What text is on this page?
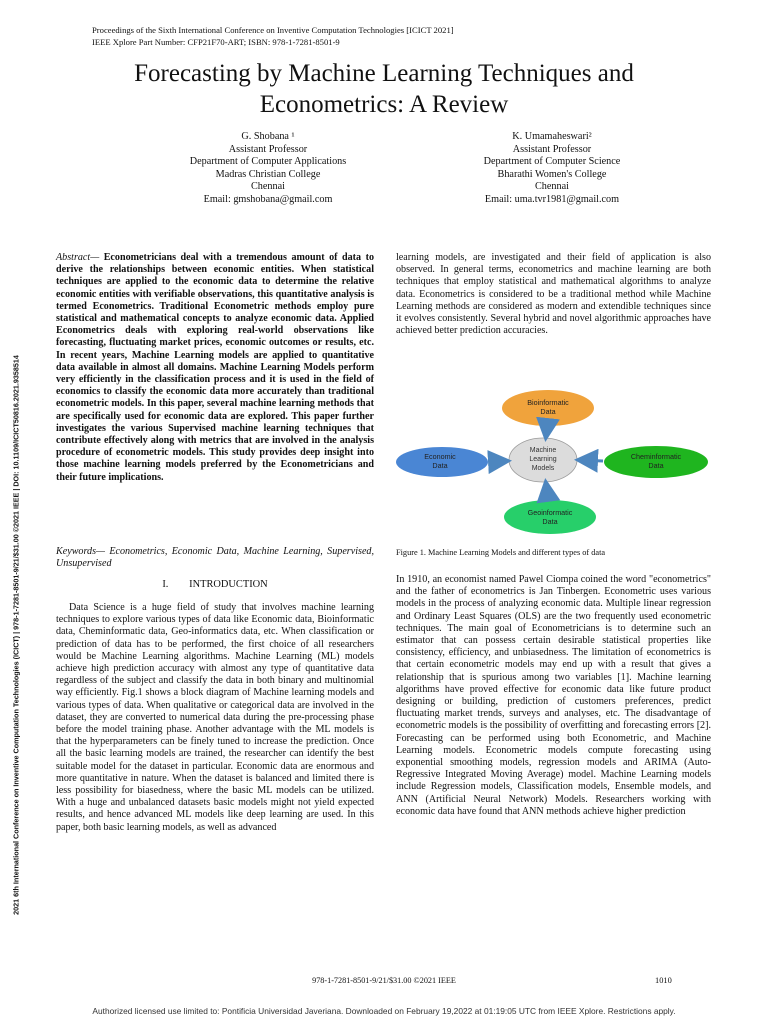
Proceedings of the Sixth International Conference on Inventive Computation Technologies [ICICT 2021]
IEEE Xplore Part Number: CFP21F70-ART; ISBN: 978-1-7281-8501-9
Forecasting by Machine Learning Techniques and
Econometrics: A Review
G. Shobana ¹
Assistant Professor
Department of Computer Applications
Madras Christian College
Chennai
Email: gmshobana@gmail.com
K. Umamaheswari²
Assistant Professor
Department of Computer Science
Bharathi Women's College
Chennai
Email: uma.tvr1981@gmail.com
2021 6th International Conference on Inventive Computation Technologies (ICICT) | 978-1-7281-8501-9/21/$31.00 ©2021 IEEE | DOI: 10.1109/ICICT50816.2021.9358514

Abstract— Econometricians deal with a tremendous amount of data to derive the relationships between economic entities. When statistical techniques are applied to the economic data to determine the relative economic entities with verifiable observations, this quantitative analysis is termed Econometrics. Traditional Econometric methods employ pure statistical and mathematical concepts to analyze economic data. Applied Econometrics deals with exploring real-world observations like forecasting, fluctuating market prices, economic outcomes or results, etc. In recent years, Machine Learning models are applied to quantitative data available in almost all domains. Machine Learning Models perform very efficiently in the classification process and it is used in the field of economics to classify the economic data more accurately than traditional econometric models. In this paper, several machine learning methods that are specifically used for economic data are explored. This paper further investigates the various Supervised machine learning techniques that contribute effectively along with metrics that are involved in the analysis procedure of econometric models. This study provides deep insight into those machine learning models preferred by the Econometricians and their future implications.

Keywords— Econometrics, Economic Data, Machine Learning, Supervised, Unsupervised
I.        INTRODUCTION
Data Science is a huge field of study that involves machine learning techniques to explore various types of data like Economic data, Bioinformatic data, Cheminformatic data, Geo-informatics data, etc. When classification or prediction of data has to be performed, the first choice of all researchers would be Machine Learning algorithms. Machine Learning (ML) models achieve high prediction accuracy with almost any type of quantitative data regardless of the subject and classify the data in both binary and multinomial way efficiently. Fig.1 shows a block diagram of Machine learning models and various types of data. When qualitative or categorical data are involved in the dataset, they are converted to numerical data during the pre-processing phase before the model training phase. Another advantage with the ML models is that the hyperparameters can be finely tuned to increase the prediction. Once all the basic learning models are trained, the researcher can identify the best suitable model for the dataset in particular. Economic data are enormous and more quantitative in nature. When the dataset is balanced and limited there is less possibility for biasedness, where the basic ML models can be utilized. With a huge and unbalanced datasets basic models might not yield expected results, and hence advanced ML models like deep learning are used. In this paper, both basic learning models, as well as advanced
learning models, are investigated and their field of application is also observed. In general terms, econometrics and machine learning are both techniques that employ statistical and mathematical algorithms to analyze data. Econometrics is considered to be a traditional method while Machine Learning methods are considered as modern and extendible techniques since it evolves consistently. Several hybrid and novel algorithmic approaches have achieved better prediction accuracies.
Bioinformatic
Data
Economic
Data
Cheminformatic
Data
Geoinformatic
Data
Machine
Learning
Models
Figure 1. Machine Learning Models and different types of data
In 1910, an economist named Pawel Ciompa coined the word "econometrics" and the father of econometrics is Jan Tinbergen. Econometric uses various models in the process of analyzing economic data. Multiple linear regression and Ordinary Least Squares (OLS) are the two frequently used econometric techniques. The main goal of Econometricians is to determine such an estimator that can possess certain desirable statistical properties like consistency, efficiency, and unbiasedness. The limitation of econometrics is that certain econometric models may end up with a result that gives a relationship that is spurious among two variables [1]. Machine learning algorithms have proved effective for economic data like future product designing or building, prediction of customers preferences, predict fluctuating market trends, surveys and analyses, etc. The disadvantage of econometric models is the possibility of overfitting and forecasting errors [2]. Forecasting can be performed using both Econometric, and Machine Learning models. Econometric models compute forecasting using exponential smoothing models, regression models and ARIMA (Auto-Regressive Integrated Moving Average) model. Machine Learning models include Regression models, Classification models, Ensemble models, and ANN (Artificial Neural Network) Models. Researchers working with economic data have found that ANN methods achieve higher prediction
978-1-7281-8501-9/21/$31.00 ©2021 IEEE	1010
Authorized licensed use limited to: Pontificia Universidad Javeriana. Downloaded on February 19,2022 at 01:19:05 UTC from IEEE Xplore. Restrictions apply.
